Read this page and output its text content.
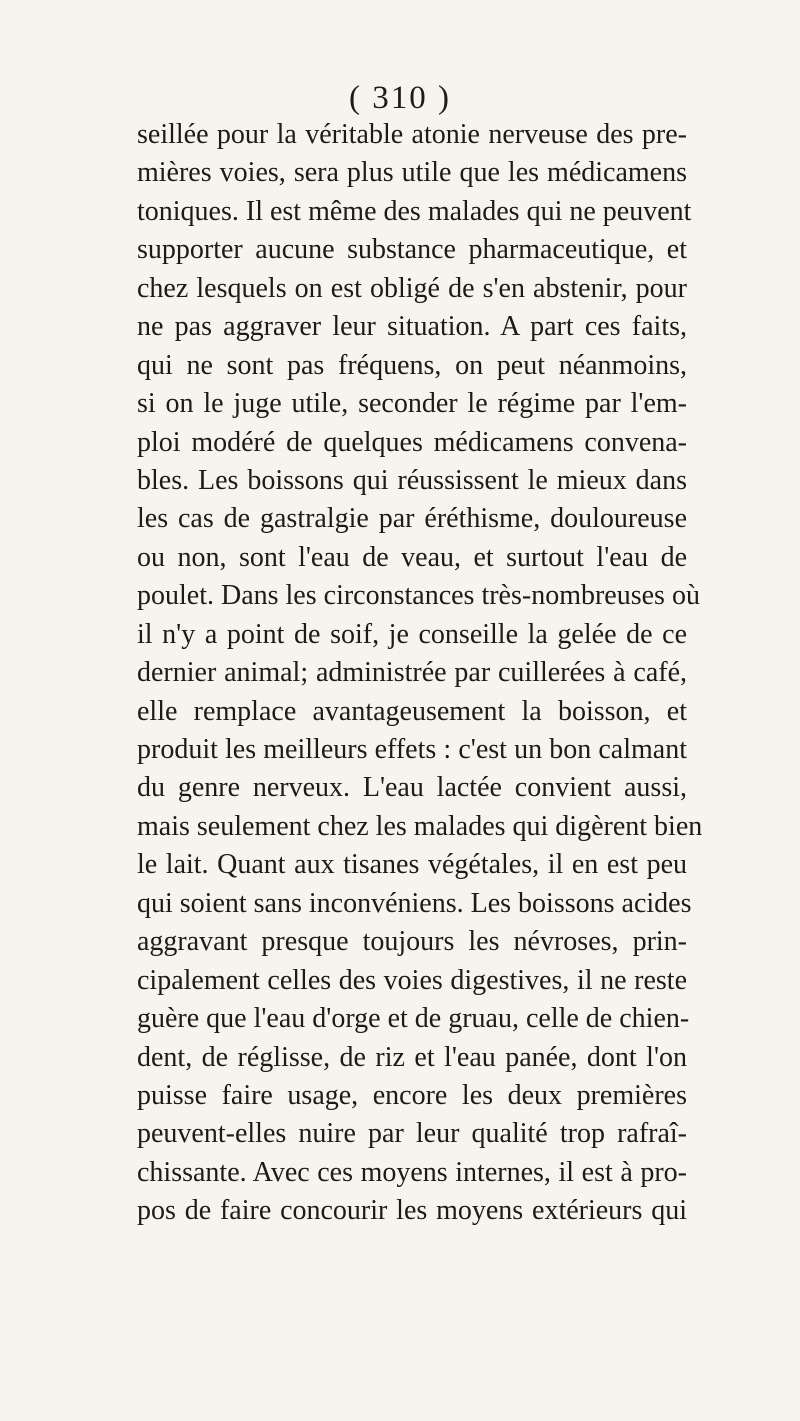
( 310 )
seillée pour la véritable atonie nerveuse des pre-
mières voies, sera plus utile que les médicamens
toniques. Il est même des malades qui ne peuvent
supporter aucune substance pharmaceutique, et
chez lesquels on est obligé de s'en abstenir, pour
ne pas aggraver leur situation. A part ces faits,
qui ne sont pas fréquens, on peut néanmoins,
si on le juge utile, seconder le régime par l'em-
ploi modéré de quelques médicamens convena-
bles. Les boissons qui réussissent le mieux dans
les cas de gastralgie par éréthisme, douloureuse
ou non, sont l'eau de veau, et surtout l'eau de
poulet. Dans les circonstances très-nombreuses où
il n'y a point de soif, je conseille la gelée de ce
dernier animal; administrée par cuillerées à café,
elle remplace avantageusement la boisson, et
produit les meilleurs effets : c'est un bon calmant
du genre nerveux. L'eau lactée convient aussi,
mais seulement chez les malades qui digèrent bien
le lait. Quant aux tisanes végétales, il en est peu
qui soient sans inconvéniens. Les boissons acides
aggravant presque toujours les névroses, prin-
cipalement celles des voies digestives, il ne reste
guère que l'eau d'orge et de gruau, celle de chien-
dent, de réglisse, de riz et l'eau panée, dont l'on
puisse faire usage, encore les deux premières
peuvent-elles nuire par leur qualité trop rafraî-
chissante. Avec ces moyens internes, il est à pro-
pos de faire concourir les moyens extérieurs qui
